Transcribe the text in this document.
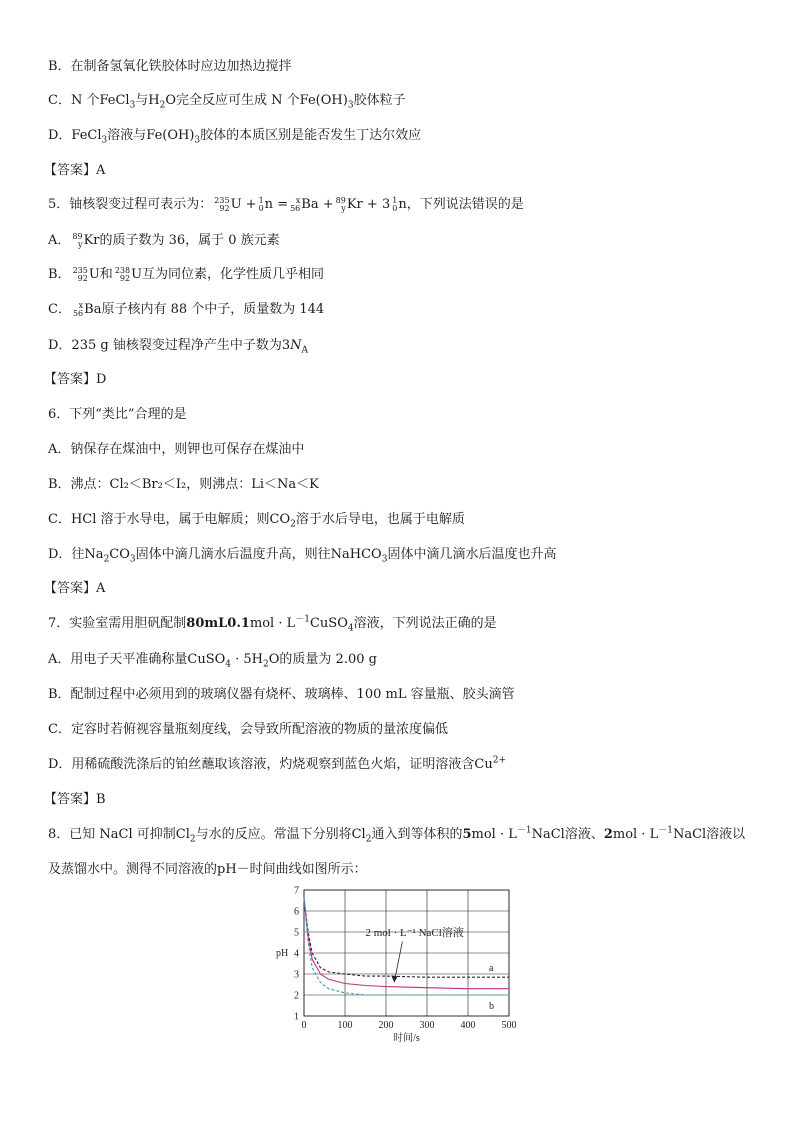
B．在制备氢氧化铁胶体时应边加热边搅拌
C．N 个FeCl$_3$与$H_2O$完全反应可生成 N 个$Fe(OH)_3$胶体粒子
D．FeCl$_3$溶液与$Fe(OH)_3$胶体的本质区别是能否发生丁达尔效应
【答案】A
5．铀核裂变过程可表示为： 235
92 U + 1
0 n = x
56 Ba + 89
y Kr + 3 1
0 n，下列说法错误的是
A． 89
y Kr的质子数为 36，属于 0 族元素
B． 235
92 U和 238
92 U互为同位素，化学性质几乎相同
C． x
56 Ba原子核内有 88 个中子，质量数为 144
D．235 g 铀核裂变过程净产生中子数为$3N_A$
【答案】D
6．下列“类比”合理的是
A．钠保存在煤油中，则钾也可保存在煤油中
B．沸点：Cl₂＜Br₂＜I₂，则沸点：Li＜Na＜K
C．HCl 溶于水导电，属于电解质；则$CO_2$溶于水后导电，也属于电解质
D．往$Na_2CO_3$固体中滴几滴水后温度升高，则往NaHCO$_3$固体中滴几滴水后温度也升高
【答案】A
7．实验室需用胆矾配制$80mL0.1mol \cdot L^{-1}CuSO_4$溶液，下列说法正确的是
A．用电子天平准确称量CuSO$_4$ · $5H_2O$的质量为 2.00 g
B．配制过程中必须用到的玻璃仪器有烧杯、玻璃棒、100 mL 容量瓶、胶头滴管
C．定容时若俯视容量瓶刻度线，会导致所配溶液的物质的量浓度偏低
D．用稀硫酸洗涤后的铂丝蘸取该溶液，灼烧观察到蓝色火焰，证明溶液含$Cu^{2+}$
【答案】B
8．已知 NaCl 可抑制$Cl_2$与水的反应。常温下分别将$Cl_2$通入到等体积的$5mol \cdot L^{-1}NaCl$溶液、$2mol \cdot L^{-1}NaCl$溶液以
及蒸馏水中。测得不同溶液的pH－时间曲线如图所示：
0	100	200	300	400	500
1
2
3
4
5
6
7
a
b
pH
时间/s
2 mol · L⁻¹ NaCl溶液
